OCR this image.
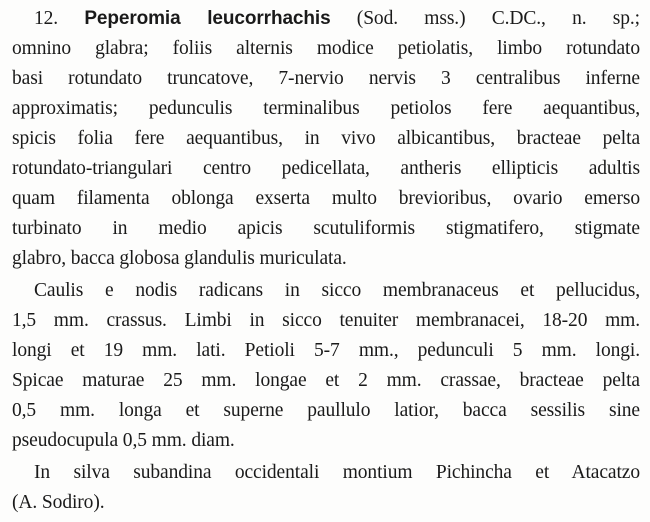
12. Peperomia leucorrhachis (Sod. mss.) C.DC., n. sp.;
omnino glabra; foliis alternis modice petiolatis, limbo rotundato
basi rotundato truncatove, 7-nervio nervis 3 centralibus inferne
approximatis; pedunculis terminalibus petiolos fere aequantibus,
spicis folia fere aequantibus, in vivo albicantibus, bracteae pelta
rotundato-triangulari centro pedicellata, antheris ellipticis adultis
quam filamenta oblonga exserta multo brevioribus, ovario emerso
turbinato in medio apicis scutuliformis stigmatifero, stigmate
glabro, bacca globosa glandulis muriculata.
Caulis e nodis radicans in sicco membranaceus et pellucidus,
1,5 mm. crassus. Limbi in sicco tenuiter membranacei, 18-20 mm.
longi et 19 mm. lati. Petioli 5-7 mm., pedunculi 5 mm. longi.
Spicae maturae 25 mm. longae et 2 mm. crassae, bracteae pelta
0,5 mm. longa et superne paullulo latior, bacca sessilis sine
pseudocupula 0,5 mm. diam.
In silva subandina occidentali montium Pichincha et Atacatzo
(A. Sodiro).
